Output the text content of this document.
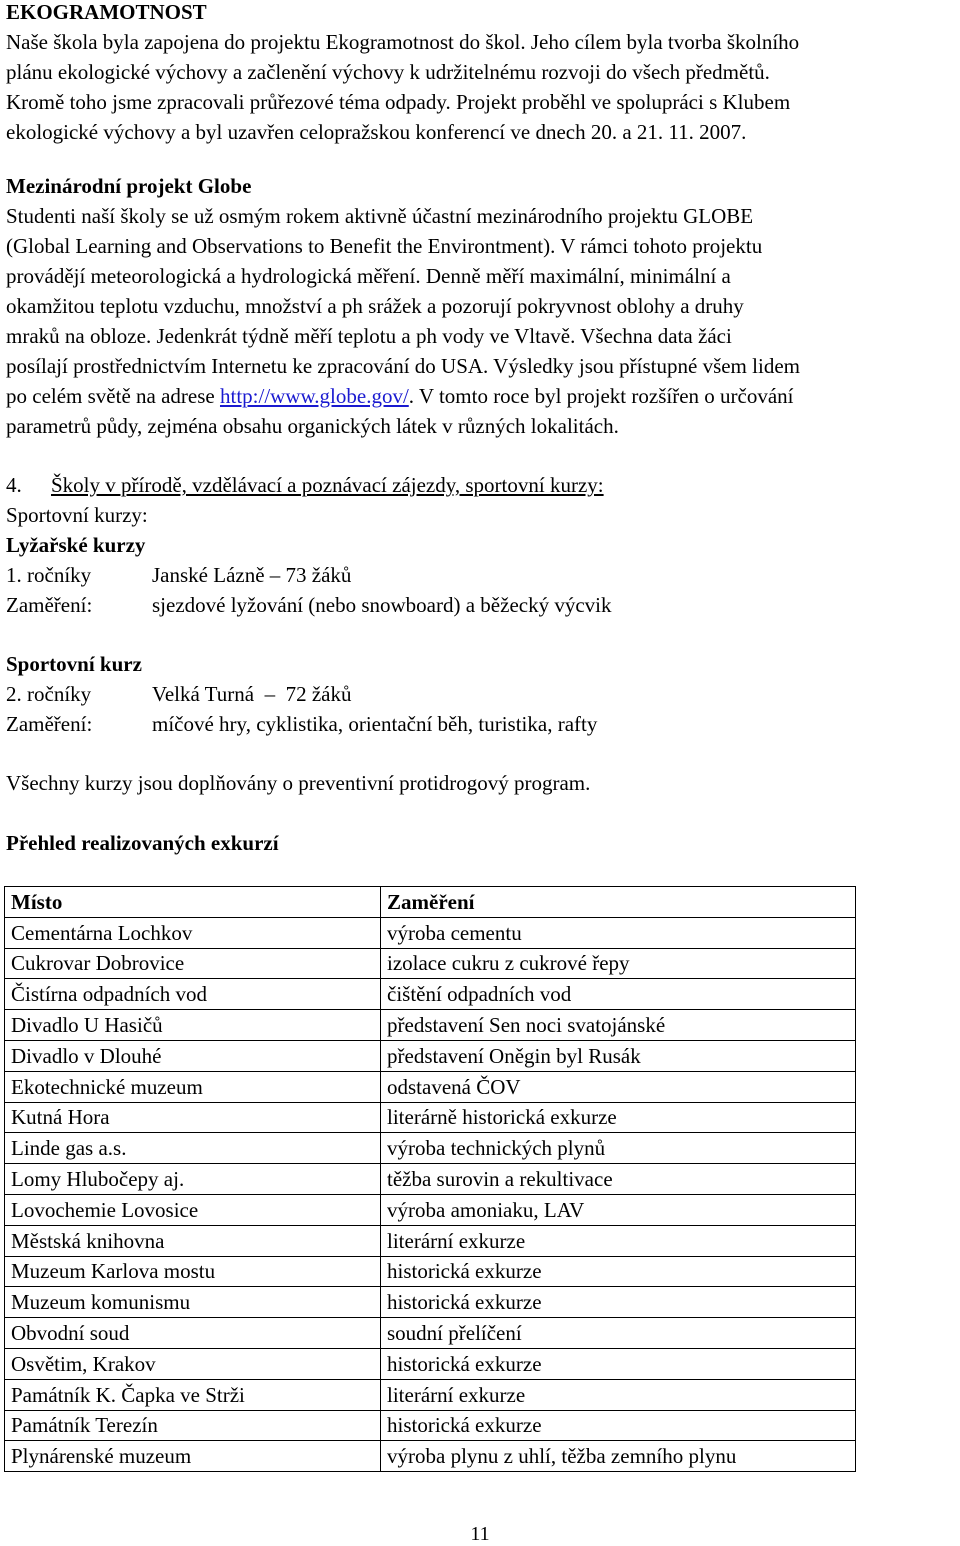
EKOGRAMOTNOST
Naše škola byla zapojena do projektu Ekogramotnost do škol. Jeho cílem byla tvorba školního
plánu ekologické výchovy a začlenění výchovy k udržitelnému rozvoji do všech předmětů.
Kromě toho jsme zpracovali průřezové téma odpady. Projekt proběhl ve spolupráci s Klubem
ekologické výchovy a byl uzavřen celopražskou konferencí ve dnech 20. a 21. 11. 2007.
Mezinárodní projekt Globe
Studenti naší školy se už osmým rokem aktivně účastní mezinárodního projektu GLOBE
(Global Learning and Observations to Benefit the Environtment). V rámci tohoto projektu
provádějí meteorologická a hydrologická měření. Denně měří maximální, minimální a
okamžitou teplotu vzduchu, množství a ph srážek a pozorují pokryvnost oblohy a druhy
mraků na obloze. Jedenkrát týdně měří teplotu a ph vody ve Vltavě. Všechna data žáci
posílají prostřednictvím Internetu ke zpracování do USA. Výsledky jsou přístupné všem lidem
po celém světě na adrese http://www.globe.gov/. V tomto roce byl projekt rozšířen o určování
parametrů půdy, zejména obsahu organických látek v různých lokalitách.
4. Školy v přírodě, vzdělávací a poznávací zájezdy, sportovní kurzy:
Sportovní kurzy:
Lyžařské kurzy
1. ročníky	Janské Lázně – 73 žáků
Zaměření:	sjezdové lyžování (nebo snowboard) a běžecký výcvik
Sportovní kurz
2. ročníky	Velká Turná  –  72 žáků
Zaměření:	míčové hry, cyklistika, orientační běh, turistika, rafty
Všechny kurzy jsou doplňovány o preventivní protidrogový program.
Přehled realizovaných exkurzí
Místo	Zaměření
Cementárna Lochkov	výroba cementu
Cukrovar Dobrovice	izolace cukru z cukrové řepy
Čistírna odpadních vod	čištění odpadních vod
Divadlo U Hasičů	představení Sen noci svatojánské
Divadlo v Dlouhé	představení Oněgin byl Rusák
Ekotechnické muzeum	odstavená ČOV
Kutná Hora	literárně historická exkurze
Linde gas a.s.	výroba technických plynů
Lomy Hlubočepy aj.	těžba surovin a rekultivace
Lovochemie Lovosice	výroba amoniaku, LAV
Městská knihovna	literární exkurze
Muzeum Karlova mostu	historická exkurze
Muzeum komunismu	historická exkurze
Obvodní soud	soudní přelíčení
Osvětim, Krakov	historická exkurze
Památník K. Čapka ve Strži	literární exkurze
Památník Terezín	historická exkurze
Plynárenské muzeum	výroba plynu z uhlí, těžba zemního plynu
11
